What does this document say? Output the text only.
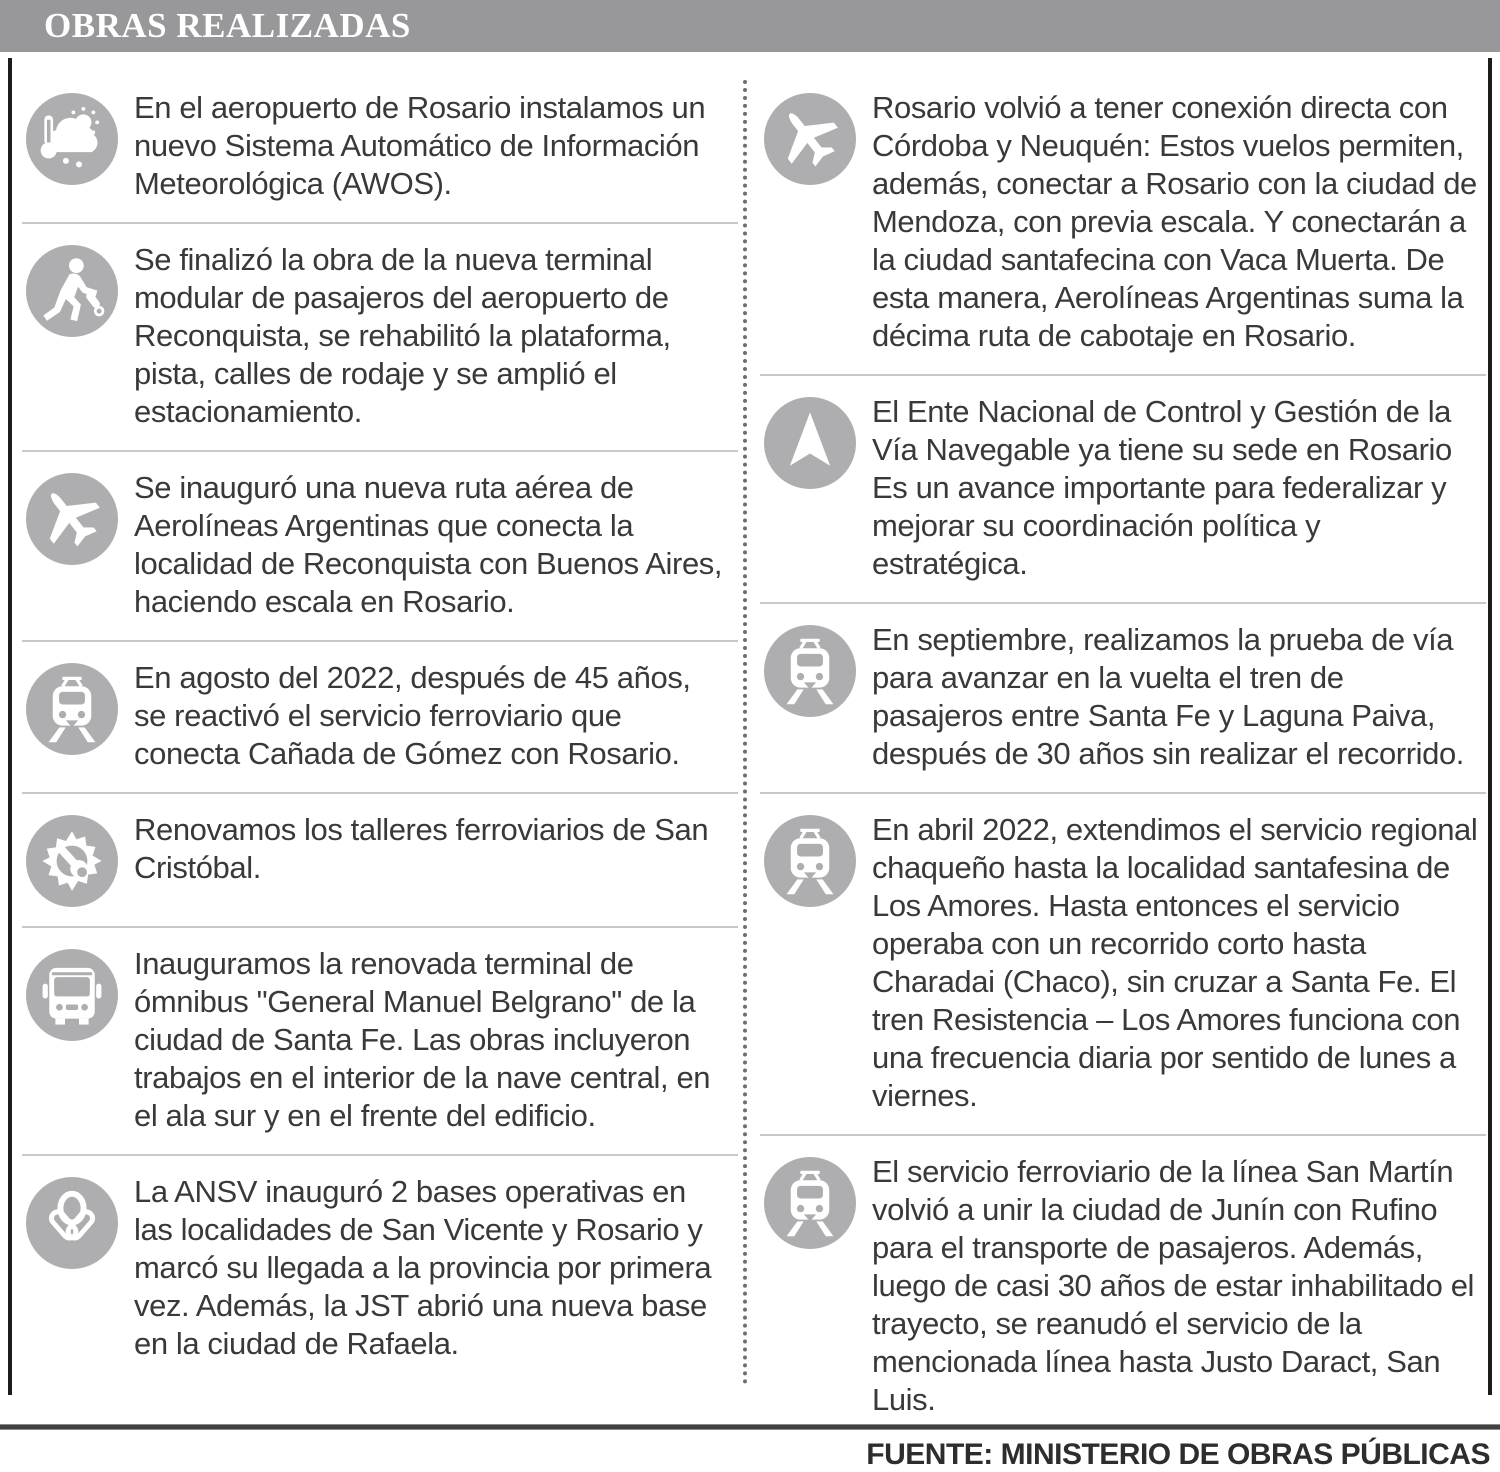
OBRAS REALIZADAS
En el aeropuerto de Rosario instalamos un nuevo Sistema Automático de Información Meteorológica (AWOS).
Se finalizó la obra de la nueva terminal modular de pasajeros del aeropuerto de Reconquista, se rehabilitó la plataforma, pista, calles de rodaje y se amplió el estacionamiento.
Se inauguró una nueva ruta aérea de Aerolíneas Argentinas que conecta la localidad de Reconquista con Buenos Aires, haciendo escala en Rosario.
En agosto del 2022, después de 45 años, se reactivó el servicio ferroviario que conecta Cañada de Gómez con Rosario.
Renovamos los talleres ferroviarios de San Cristóbal.
Inauguramos la renovada terminal de ómnibus "General Manuel Belgrano" de la ciudad de Santa Fe. Las obras incluyeron trabajos en el interior de la nave central, en el ala sur y en el frente del edificio.
La ANSV inauguró 2 bases operativas en las localidades de San Vicente y Rosario y marcó su llegada a la provincia por primera vez. Además, la JST abrió una nueva base en la ciudad de Rafaela.
Rosario volvió a tener conexión directa con Córdoba y Neuquén: Estos vuelos permiten, además, conectar a Rosario con la ciudad de Mendoza, con previa escala. Y conectarán a la ciudad santafecina con Vaca Muerta. De esta manera, Aerolíneas Argentinas suma la décima ruta de cabotaje en Rosario.
El Ente Nacional de Control y Gestión de la Vía Navegable ya tiene su sede en Rosario Es un avance importante para federalizar y mejorar su coordinación política y estratégica.
En septiembre, realizamos la prueba de vía para avanzar en la vuelta el tren de pasajeros entre Santa Fe y Laguna Paiva, después de 30 años sin realizar el recorrido.
En abril 2022, extendimos el servicio regional chaqueño hasta la localidad santafesina de Los Amores. Hasta entonces el servicio operaba con un recorrido corto hasta Charadai (Chaco), sin cruzar a Santa Fe. El tren Resistencia – Los Amores funciona con una frecuencia diaria por sentido de lunes a viernes.
El servicio ferroviario de la línea San Martín volvió a unir la ciudad de Junín con Rufino para el transporte de pasajeros. Además, luego de casi 30 años de estar inhabilitado el trayecto, se reanudó el servicio de la mencionada línea hasta Justo Daract, San Luis.
FUENTE: MINISTERIO DE OBRAS PÚBLICAS
